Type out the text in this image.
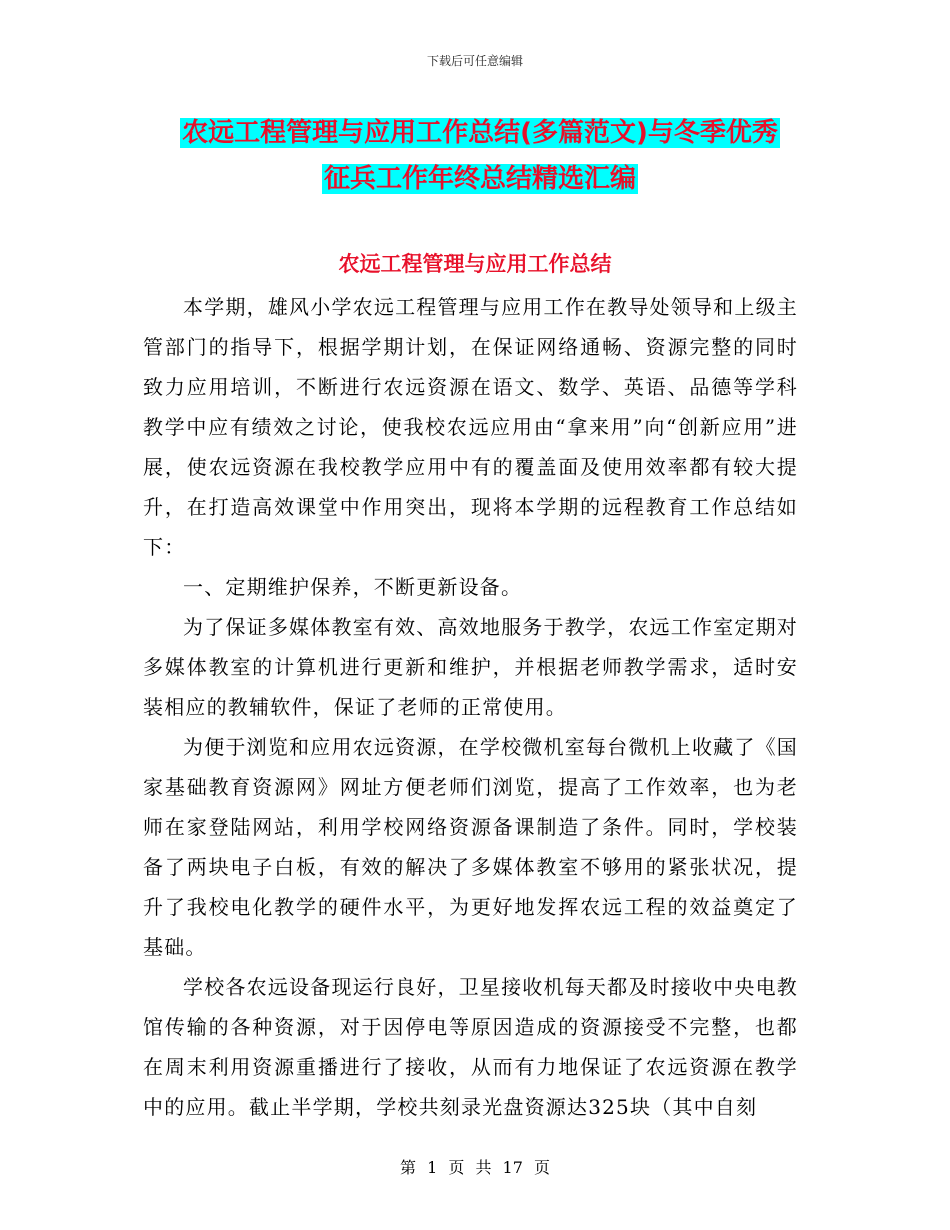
下载后可任意编辑
农远工程管理与应用工作总结(多篇范文)与冬季优秀
征兵工作年终总结精选汇编
农远工程管理与应用工作总结

本学期，雄风小学农远工程管理与应用工作在教导处领导和上级主管部门的指导下，根据学期计划，在保证网络通畅、资源完整的同时致力应用培训，不断进行农远资源在语文、数学、英语、品德等学科教学中应有绩效之讨论，使我校农远应用由“拿来用”向“创新应用”进展，使农远资源在我校教学应用中有的覆盖面及使用效率都有较大提升，在打造高效课堂中作用突出，现将本学期的远程教育工作总结如下：

一、定期维护保养，不断更新设备。

为了保证多媒体教室有效、高效地服务于教学，农远工作室定期对多媒体教室的计算机进行更新和维护，并根据老师教学需求，适时安装相应的教辅软件，保证了老师的正常使用。

为便于浏览和应用农远资源，在学校微机室每台微机上收藏了《国家基础教育资源网》网址方便老师们浏览，提高了工作效率，也为老师在家登陆网站，利用学校网络资源备课制造了条件。同时，学校装备了两块电子白板，有效的解决了多媒体教室不够用的紧张状况，提升了我校电化教学的硬件水平，为更好地发挥农远工程的效益奠定了基础。

学校各农远设备现运行良好，卫星接收机每天都及时接收中央电教馆传输的各种资源，对于因停电等原因造成的资源接受不完整，也都在周末利用资源重播进行了接收，从而有力地保证了农远资源在教学中的应用。截止半学期，学校共刻录光盘资源达325块（其中自刻

第 1 页 共 17 页
